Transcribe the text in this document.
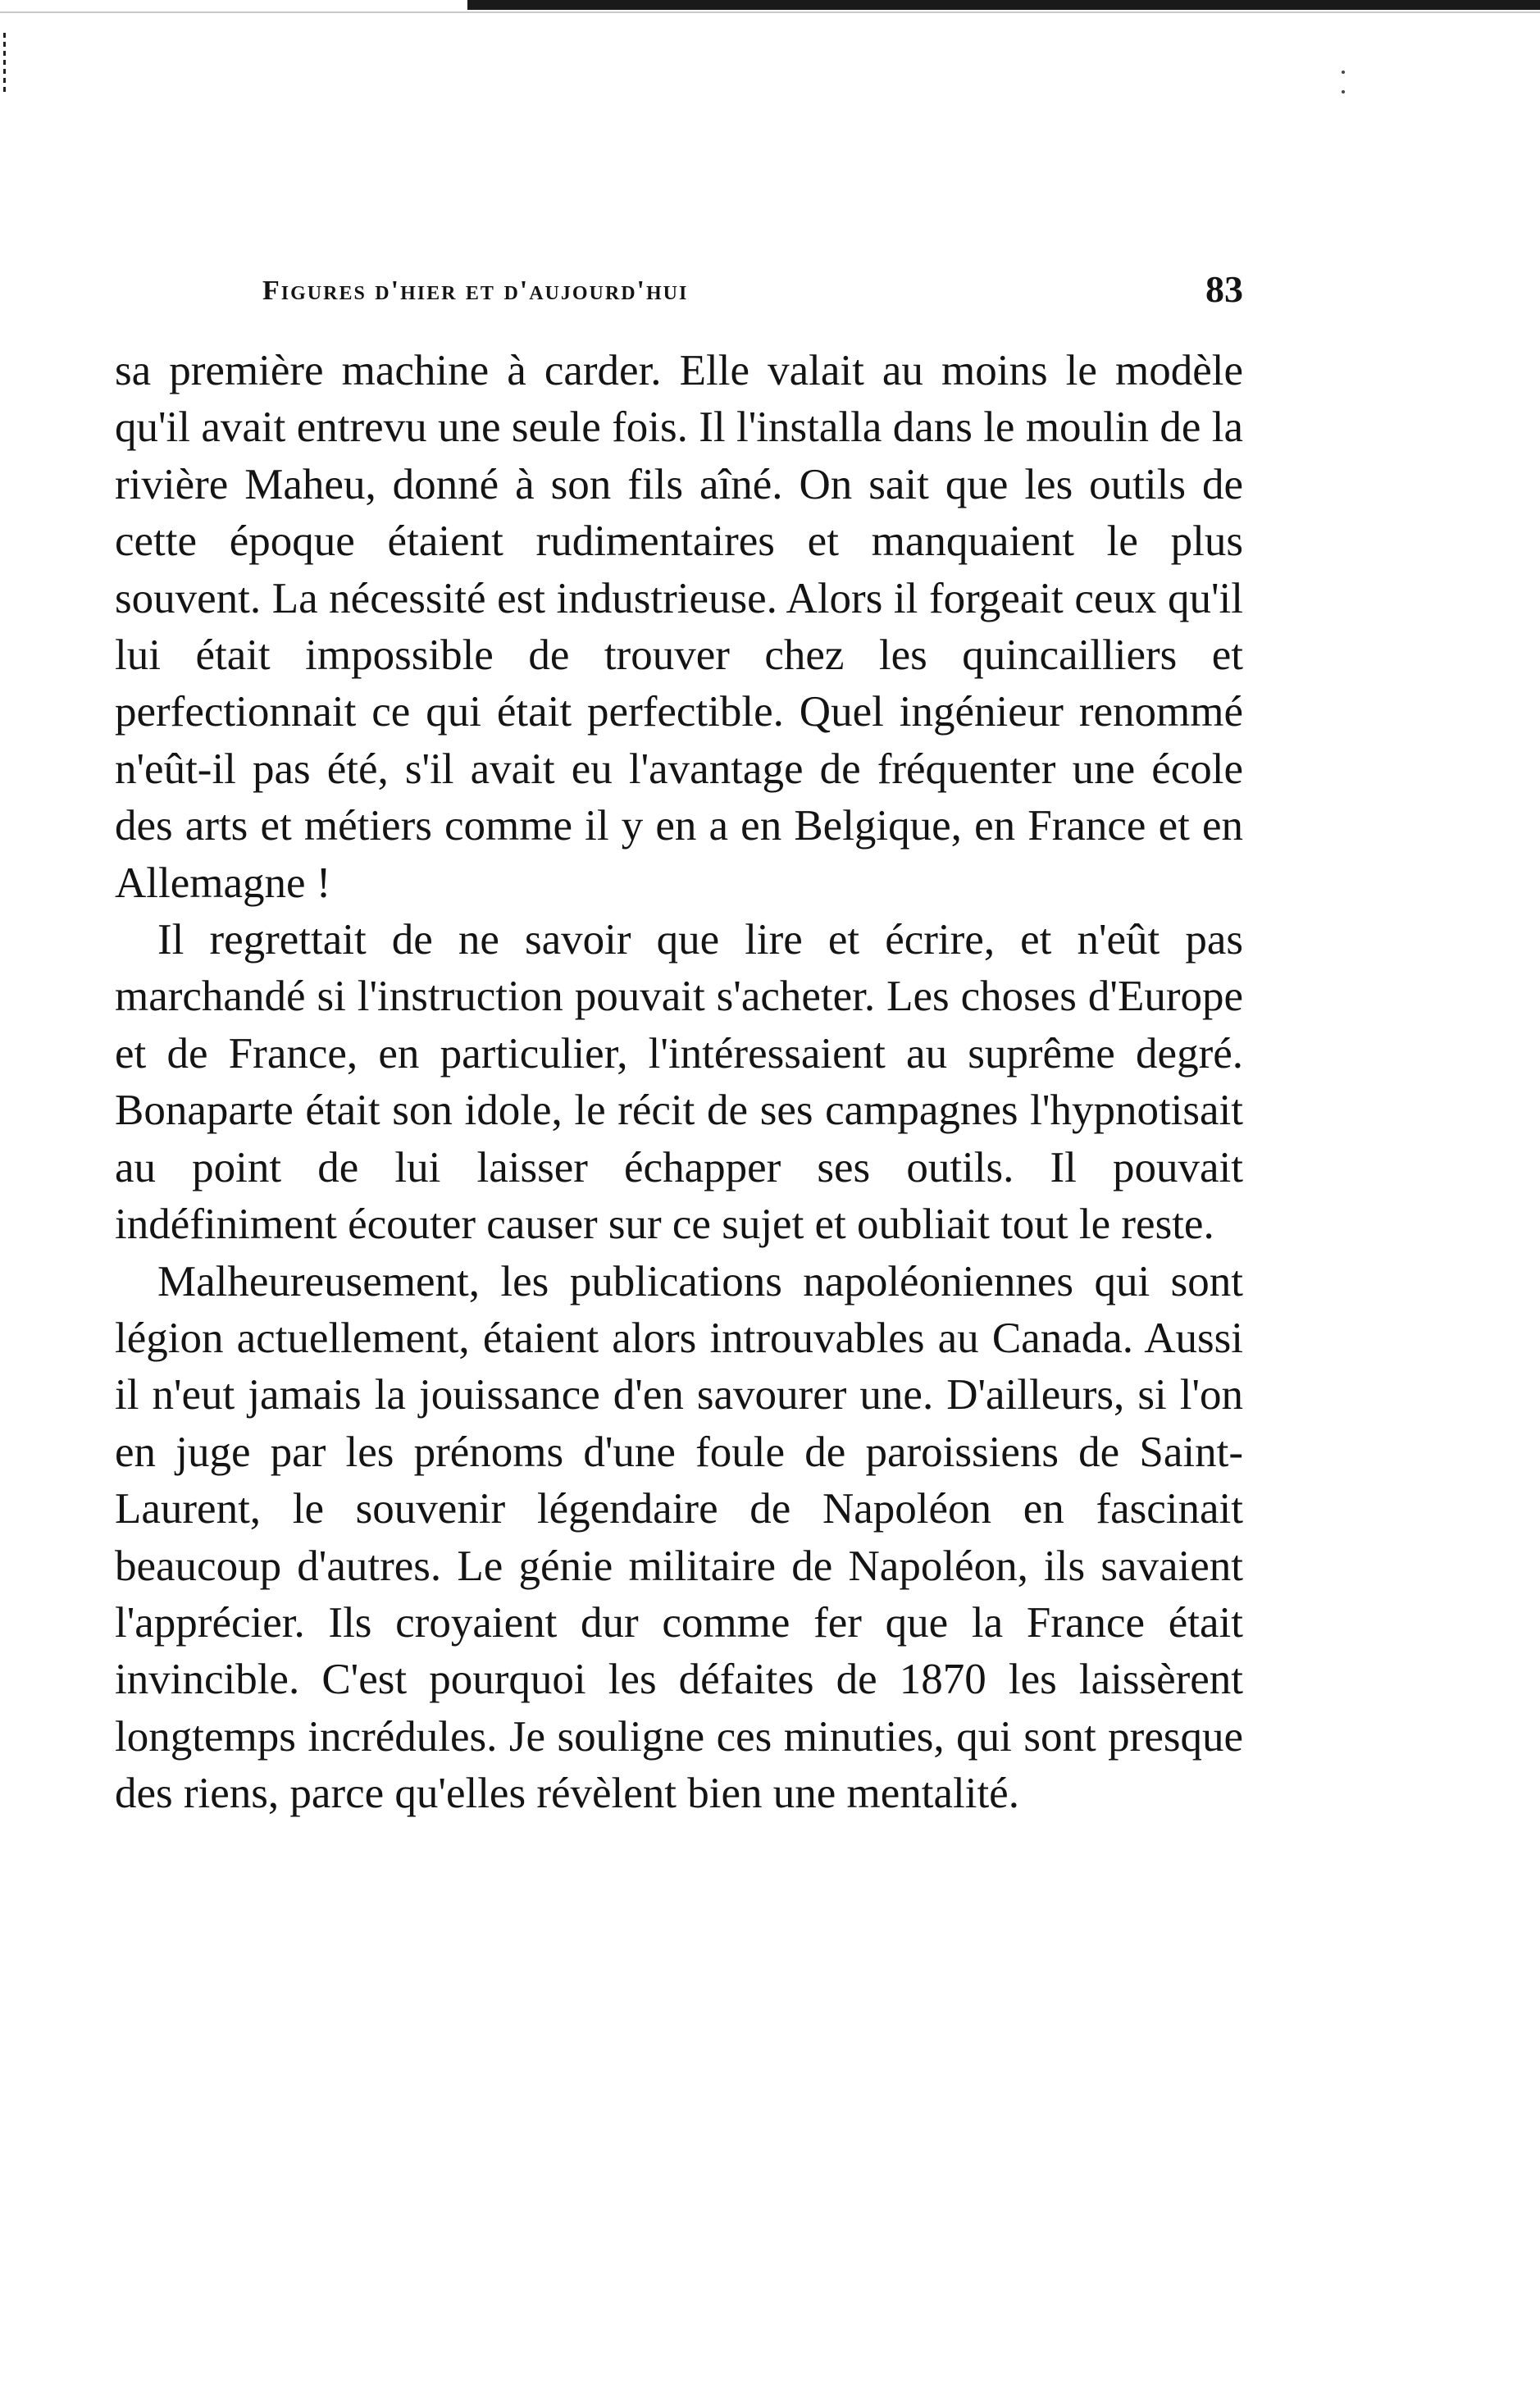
Figures d'hier et d'aujourd'hui	83

sa première machine à carder. Elle valait au moins le modèle qu'il avait entrevu une seule fois. Il l'installa dans le moulin de la rivière Maheu, donné à son fils aîné. On sait que les outils de cette époque étaient rudimentaires et manquaient le plus souvent. La nécessité est industrieuse. Alors il forgeait ceux qu'il lui était impossible de trouver chez les quincailliers et perfectionnait ce qui était perfectible. Quel ingénieur renommé n'eût-il pas été, s'il avait eu l'avantage de fréquenter une école des arts et métiers comme il y en a en Belgique, en France et en Allemagne !

Il regrettait de ne savoir que lire et écrire, et n'eût pas marchandé si l'instruction pouvait s'acheter. Les choses d'Europe et de France, en particulier, l'intéressaient au suprême degré. Bonaparte était son idole, le récit de ses campagnes l'hypnotisait au point de lui laisser échapper ses outils. Il pouvait indéfiniment écouter causer sur ce sujet et oubliait tout le reste.

Malheureusement, les publications napoléoniennes qui sont légion actuellement, étaient alors introuvables au Canada. Aussi il n'eut jamais la jouissance d'en savourer une. D'ailleurs, si l'on en juge par les prénoms d'une foule de paroissiens de Saint-Laurent, le souvenir légendaire de Napoléon en fascinait beaucoup d'autres. Le génie militaire de Napoléon, ils savaient l'apprécier. Ils croyaient dur comme fer que la France était invincible. C'est pourquoi les défaites de 1870 les laissèrent longtemps incrédules. Je souligne ces minuties, qui sont presque des riens, parce qu'elles révèlent bien une mentalité.
